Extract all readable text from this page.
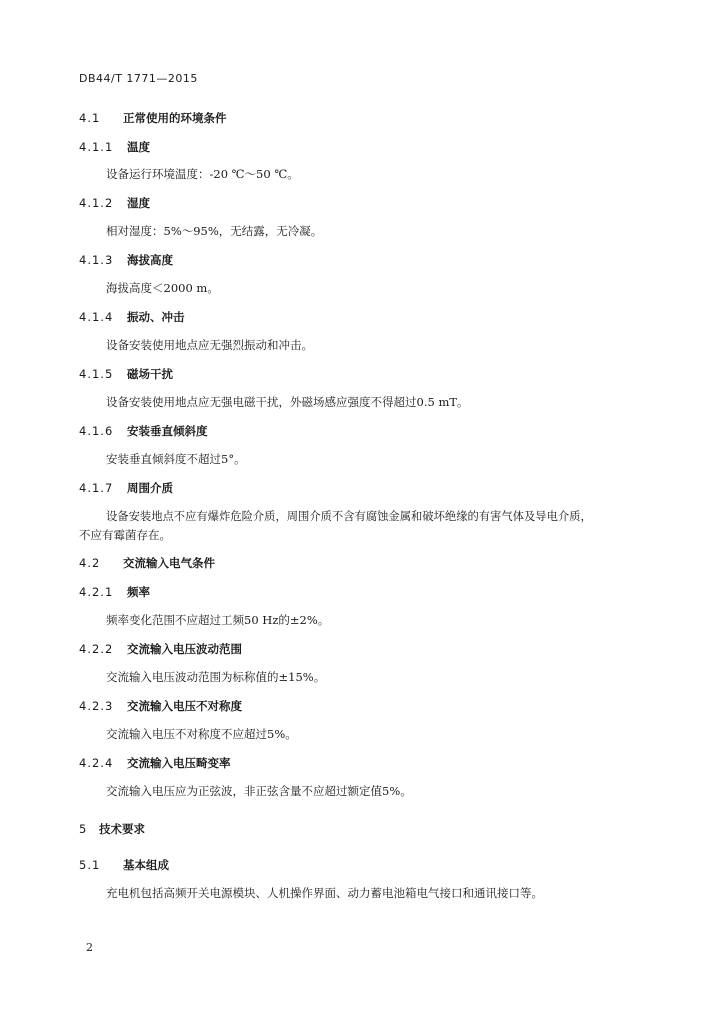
DB44/T 1771—2015
4.1 正常使用的环境条件
4.1.1 温度
设备运行环境温度：-20 ℃～50 ℃。
4.1.2 湿度
相对湿度：5%～95%，无结露，无冷凝。
4.1.3 海拔高度
海拔高度＜2000 m。
4.1.4 振动、冲击
设备安装使用地点应无强烈振动和冲击。
4.1.5 磁场干扰
设备安装使用地点应无强电磁干扰，外磁场感应强度不得超过0.5 mT。
4.1.6 安装垂直倾斜度
安装垂直倾斜度不超过5°。
4.1.7 周围介质
设备安装地点不应有爆炸危险介质，周围介质不含有腐蚀金属和破坏绝缘的有害气体及导电介质，
不应有霉菌存在。
4.2 交流输入电气条件
4.2.1 频率
频率变化范围不应超过工频50 Hz的±2%。
4.2.2 交流输入电压波动范围
交流输入电压波动范围为标称值的±15%。
4.2.3 交流输入电压不对称度
交流输入电压不对称度不应超过5%。
4.2.4 交流输入电压畸变率
交流输入电压应为正弦波，非正弦含量不应超过额定值5%。
5 技术要求
5.1 基本组成
充电机包括高频开关电源模块、人机操作界面、动力蓄电池箱电气接口和通讯接口等。
2
